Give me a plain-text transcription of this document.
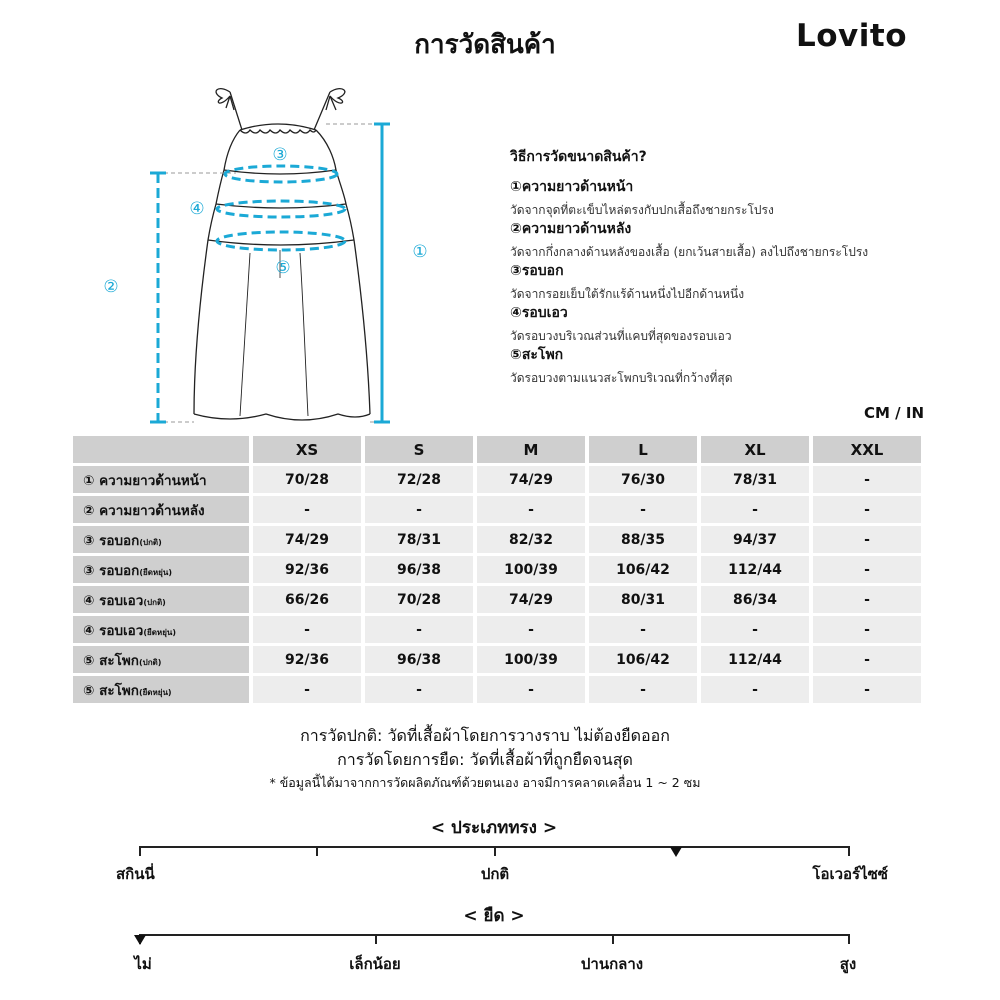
การวัดสินค้า	Lovito
③
④
⑤
②
①
วิธีการวัดขนาดสินค้า?
①ความยาวด้านหน้า
วัดจากจุดที่ตะเข็บไหล่ตรงกับปกเสื้อถึงชายกระโปรง
②ความยาวด้านหลัง
วัดจากกึ่งกลางด้านหลังของเสื้อ (ยกเว้นสายเสื้อ) ลงไปถึงชายกระโปรง
③รอบอก
วัดจากรอยเย็บใต้รักแร้ด้านหนึ่งไปอีกด้านหนึ่ง
④รอบเอว
วัดรอบวงบริเวณส่วนที่แคบที่สุดของรอบเอว
⑤สะโพก
วัดรอบวงตามแนวสะโพกบริเวณที่กว้างที่สุด
CM / IN
	XS	S	M	L	XL	XXL
① ความยาวด้านหน้า	70/28	72/28	74/29	76/30	78/31	-
② ความยาวด้านหลัง	-	-	-	-	-	-
③ รอบอก(ปกติ)	74/29	78/31	82/32	88/35	94/37	-
③ รอบอก(ยืดหยุ่น)	92/36	96/38	100/39	106/42	112/44	-
④ รอบเอว(ปกติ)	66/26	70/28	74/29	80/31	86/34	-
④ รอบเอว(ยืดหยุ่น)	-	-	-	-	-	-
⑤ สะโพก(ปกติ)	92/36	96/38	100/39	106/42	112/44	-
⑤ สะโพก(ยืดหยุ่น)	-	-	-	-	-	-
การวัดปกติ: วัดที่เสื้อผ้าโดยการวางราบ ไม่ต้องยืดออก
การวัดโดยการยืด: วัดที่เสื้อผ้าที่ถูกยืดจนสุด
* ข้อมูลนี้ได้มาจากการวัดผลิตภัณฑ์ด้วยตนเอง อาจมีการคลาดเคลื่อน 1 ~ 2 ซม
< ประเภททรง >
สกินนี่	ปกติ	โอเวอร์ไซซ์
< ยืด >
ไม่	เล็กน้อย	ปานกลาง	สูง
